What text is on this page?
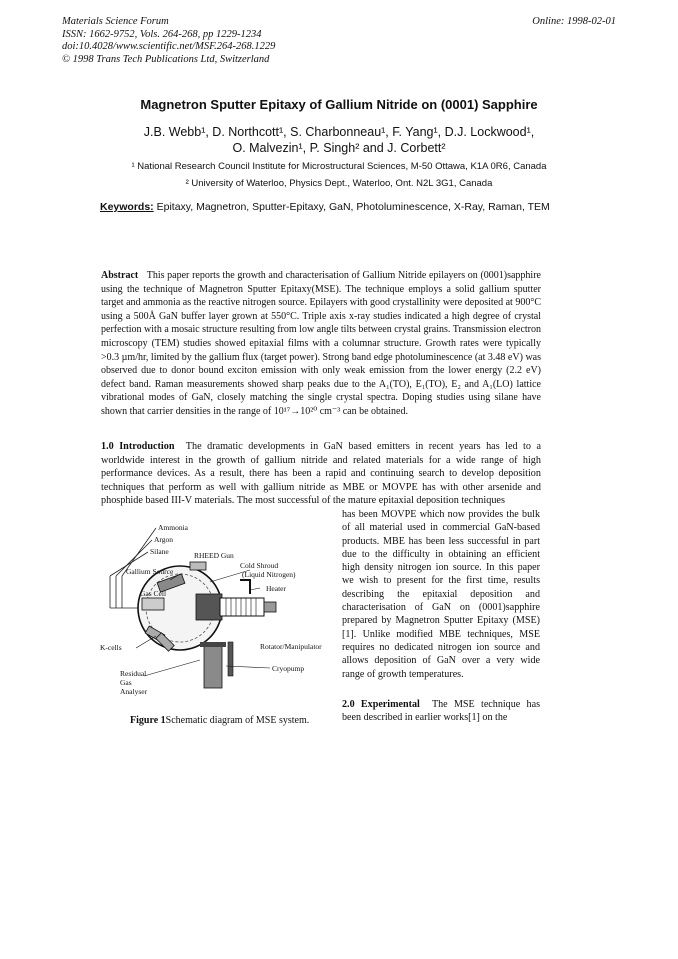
Materials Science Forum
ISSN: 1662-9752, Vols. 264-268, pp 1229-1234
doi:10.4028/www.scientific.net/MSF.264-268.1229
© 1998 Trans Tech Publications Ltd, Switzerland
Online: 1998-02-01
Magnetron Sputter Epitaxy of Gallium Nitride on (0001) Sapphire
J.B. Webb¹, D. Northcott¹, S. Charbonneau¹, F. Yang¹, D.J. Lockwood¹,
O. Malvezin¹, P. Singh² and J. Corbett²
¹ National Research Council Institute for Microstructural Sciences, M-50 Ottawa, K1A 0R6, Canada
² University of Waterloo, Physics Dept., Waterloo, Ont. N2L 3G1, Canada
Keywords: Epitaxy, Magnetron, Sputter-Epitaxy, GaN, Photoluminescence, X-Ray, Raman, TEM
Abstract This paper reports the growth and characterisation of Gallium Nitride epilayers on (0001)sapphire using the technique of Magnetron Sputter Epitaxy(MSE). The technique employs a solid gallium sputter target and ammonia as the reactive nitrogen source. Epilayers with good crystallinity were deposited at 900°C using a 500Å GaN buffer layer grown at 550°C. Triple axis x-ray studies indicated a high degree of crystal perfection with a mosaic structure resulting from low angle tilts between crystal grains. Transmission electron microscopy (TEM) studies showed epitaxial films with a columnar structure. Growth rates were typically >0.3 µm/hr, limited by the gallium flux (target power). Strong band edge photoluminescence (at 3.48 eV) was observed due to donor bound exciton emission with only weak emission from the lower energy (2.2 eV) defect band. Raman measurements showed sharp peaks due to the A₁(TO), E₁(TO), E₂ and A₁(LO) lattice vibrational modes of GaN, closely matching the single crystal spectra. Doping studies using silane have shown that carrier densities in the range of 10¹⁷→10²⁰ cm⁻³ can be obtained.
1.0 Introduction The dramatic developments in GaN based emitters in recent years has led to a worldwide interest in the growth of gallium nitride and related materials for a wide range of high performance devices. As a result, there has been a rapid and continuing search to develop deposition techniques that perform as well with gallium nitride as MBE or MOVPE has with other arsenide and phosphide based III-V materials. The most successful of the mature epitaxial deposition techniques
has been MOVPE which now provides the bulk of all material used in commercial GaN-based products. MBE has been less successful in part due to the difficulty in obtaining an efficient high density nitrogen ion source. In this paper we wish to present for the first time, results describing the epitaxial deposition and characterisation of GaN on (0001)sapphire prepared by Magnetron Sputter Epitaxy (MSE)[1]. Unlike modified MBE techniques, MSE requires no dedicated nitrogen ion source and allows deposition of GaN over a very wide range of growth temperatures.
2.0 Experimental The MSE technique has been described in earlier works[1] on the
Ammonia
Argon
Silane	RHEED Gun
Gallium Source
Cold Shroud
(Liquid Nitrogen)
Heater
Gas Cell
K-cells	Rotator/Manipulator
Cryopump
Residual
Gas
Analyser
Figure 1Schematic diagram of MSE system.
